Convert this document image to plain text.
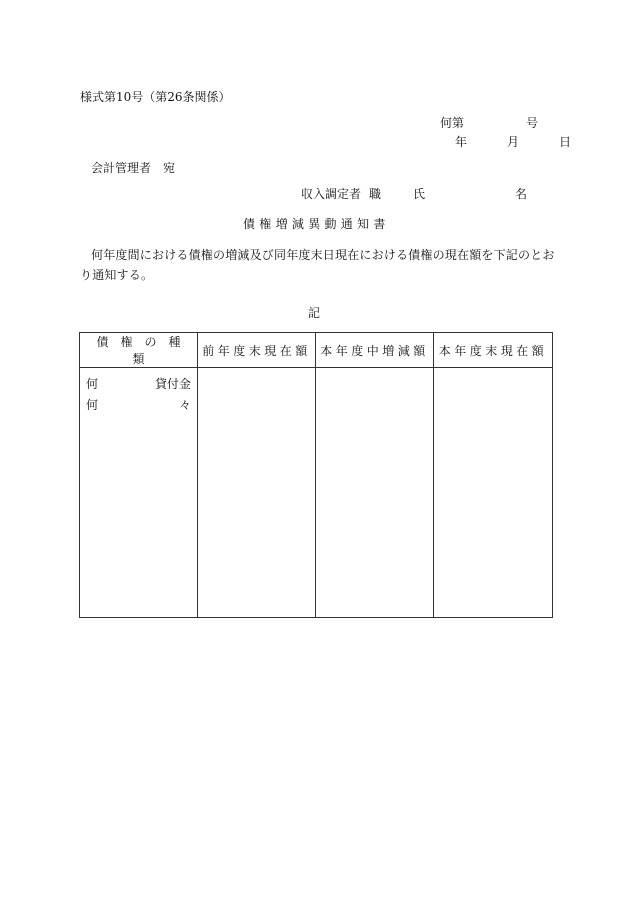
様式第10号（第26条関係）
何第	号
年	月	日
会計管理者　宛
収入調定者 職	氏	名
債権増減異動通知書
何年度間における債権の増減及び同年度末日現在における債権の現在額を下記のとおり通知する。
記
債 権 の 種類	前年度末現在額	本年度中増減額	本年度末現在額

何 貸付金
何 々			
